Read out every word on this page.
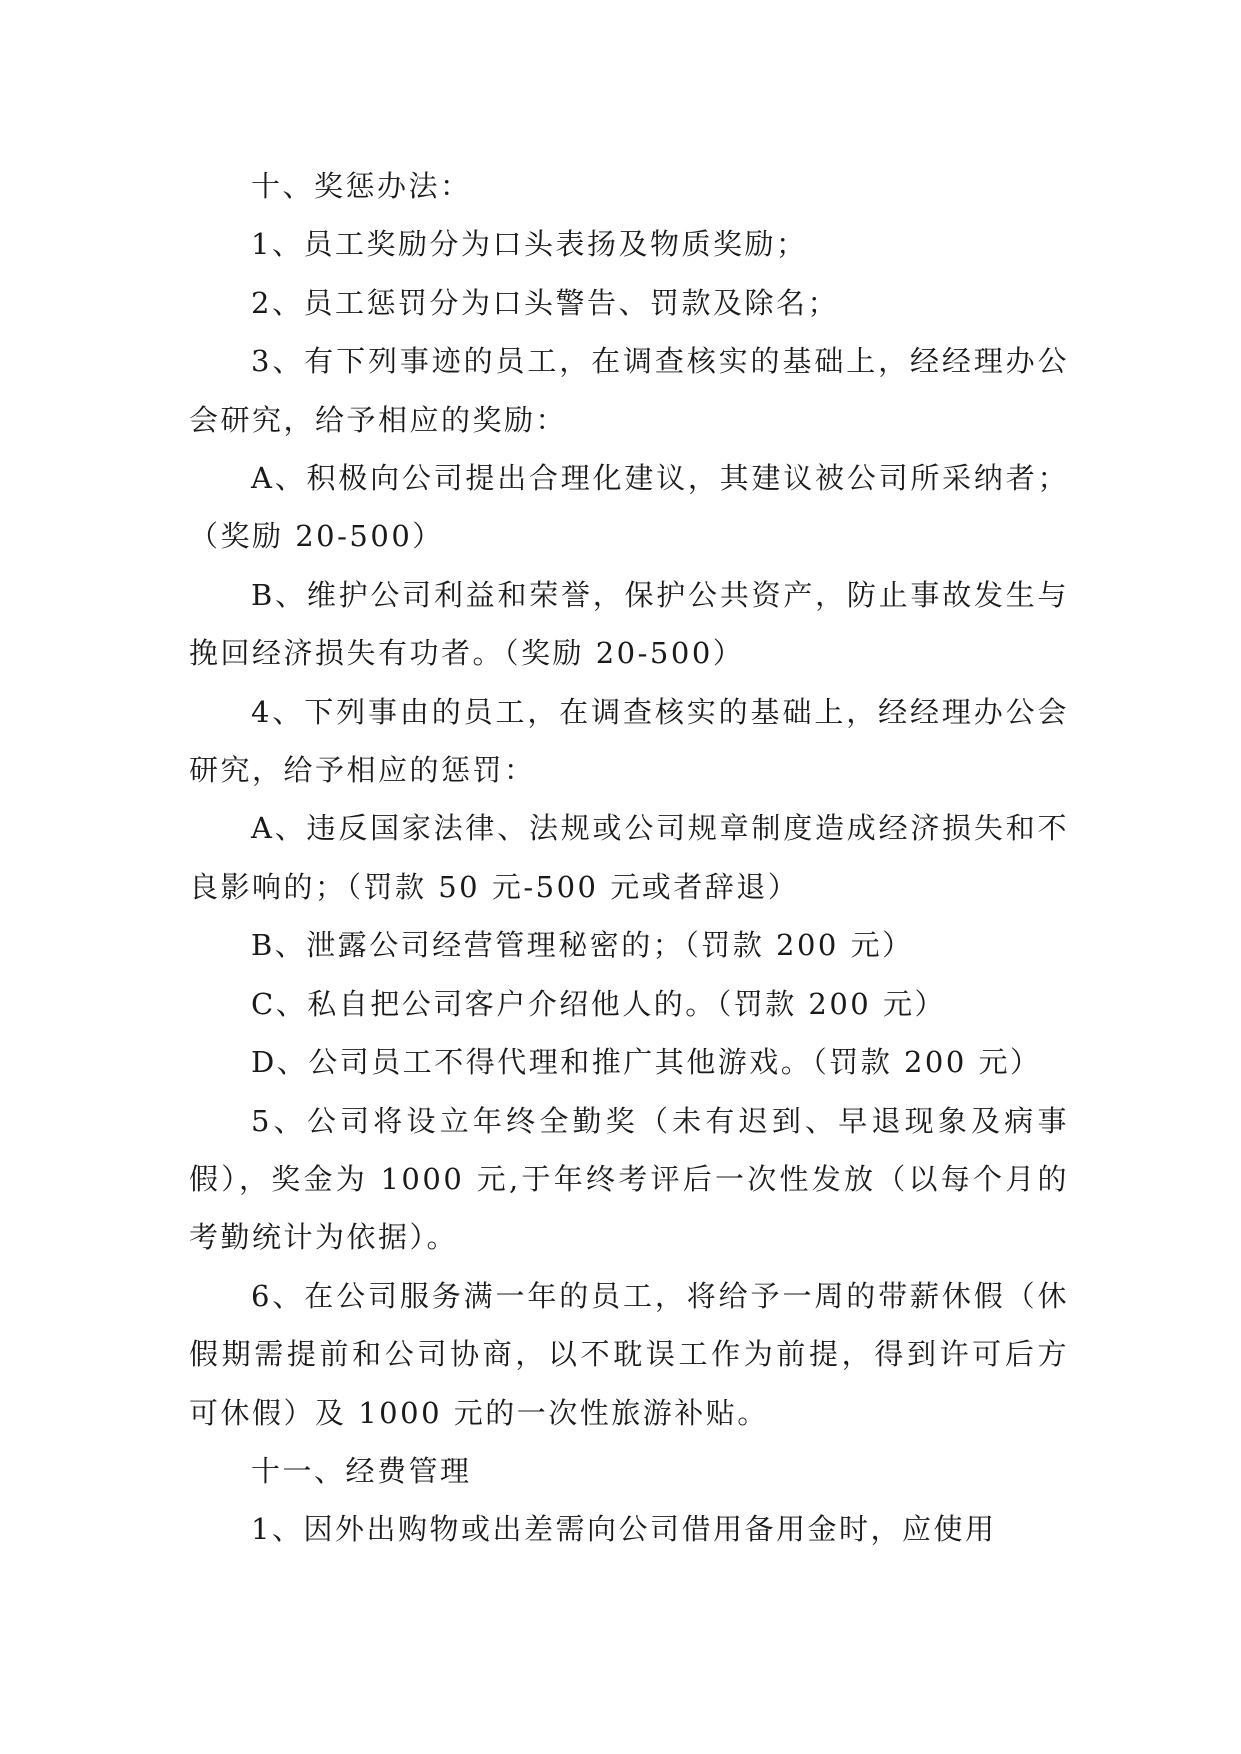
十、奖惩办法：

1、员工奖励分为口头表扬及物质奖励；

2、员工惩罚分为口头警告、罚款及除名；

3、有下列事迹的员工，在调查核实的基础上，经经理办公会研究，给予相应的奖励：

A、积极向公司提出合理化建议，其建议被公司所采纳者；（奖励 20-500）

B、维护公司利益和荣誉，保护公共资产，防止事故发生与挽回经济损失有功者。（奖励 20-500）

4、下列事由的员工，在调查核实的基础上，经经理办公会研究，给予相应的惩罚：

A、违反国家法律、法规或公司规章制度造成经济损失和不良影响的；（罚款 50 元-500 元或者辞退）

B、泄露公司经营管理秘密的；（罚款 200 元）

C、私自把公司客户介绍他人的。（罚款 200 元）

D、公司员工不得代理和推广其他游戏。（罚款 200 元）

5、公司将设立年终全勤奖（未有迟到、早退现象及病事假），奖金为 1000 元,于年终考评后一次性发放（以每个月的考勤统计为依据）。

6、在公司服务满一年的员工，将给予一周的带薪休假（休假期需提前和公司协商，以不耽误工作为前提，得到许可后方可休假）及 1000 元的一次性旅游补贴。

十一、经费管理

1、因外出购物或出差需向公司借用备用金时，应使用
